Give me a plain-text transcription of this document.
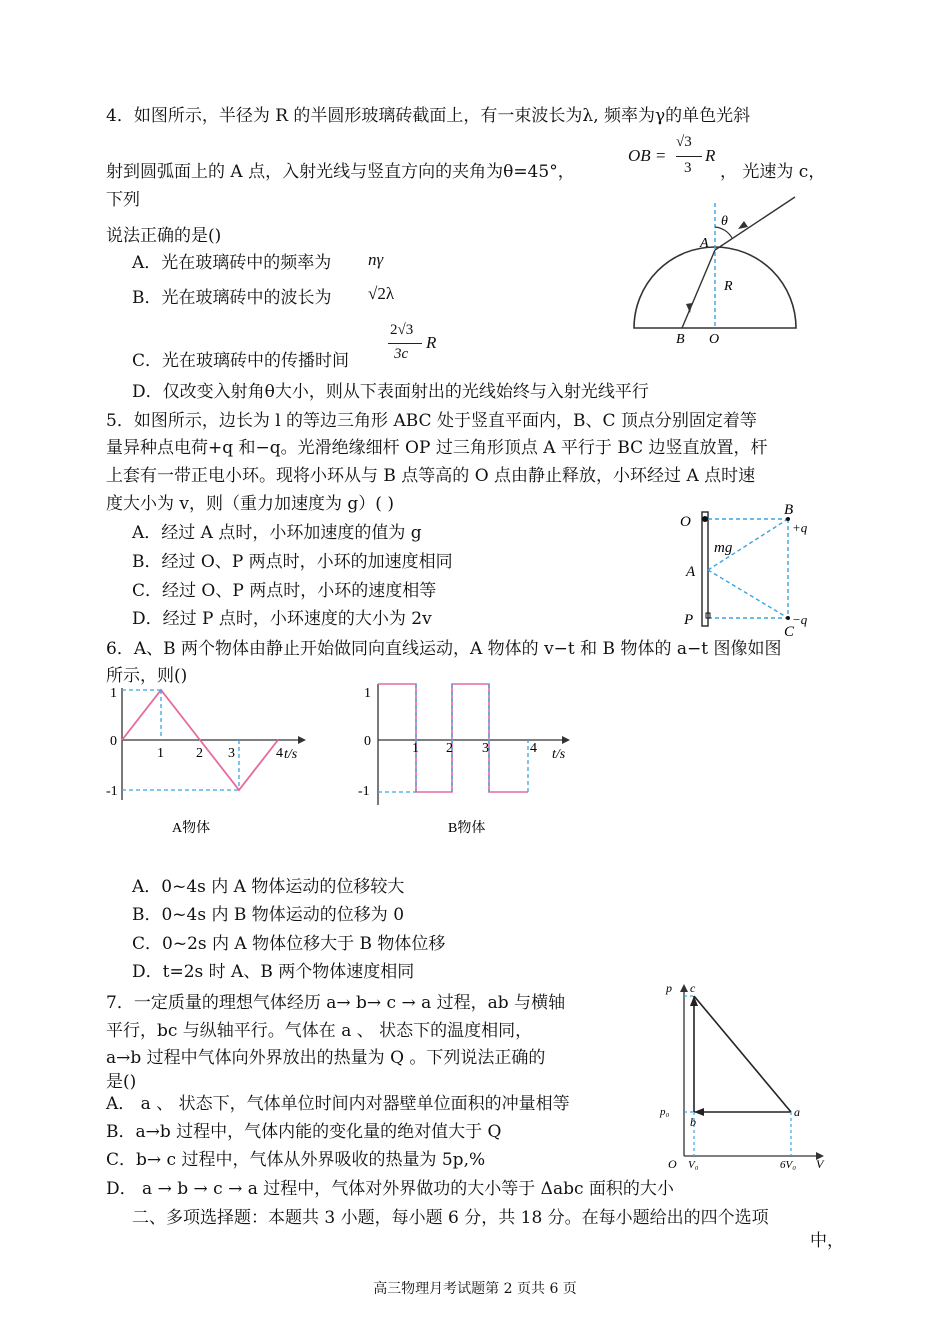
4．如图所示，半径为 R 的半圆形玻璃砖截面上，有一束波长为λ, 频率为γ的单色光斜
射到圆弧面上的 A 点，入射光线与竖直方向的夹角为θ=45°，
OB =
√3
3
R
， 光速为 c，
下列
说法正确的是()
A．光在玻璃砖中的频率为 nγ
B．光在玻璃砖中的波长为 √2λ
C．光在玻璃砖中的传播时间
2√3
3c
R
D．仅改变入射角θ大小，则从下表面射出的光线始终与入射光线平行
θ
A
R
B O
5．如图所示，边长为 l 的等边三角形 ABC 处于竖直平面内，B、C 顶点分别固定着等
量异种点电荷+q 和−q。光滑绝缘细杆 OP 过三角形顶点 A 平行于 BC 边竖直放置，杆
上套有一带正电小环。现将小环从与 B 点等高的 O 点由静止释放，小环经过 A 点时速
度大小为 v，则（重力加速度为 g）( )
A．经过 A 点时，小环加速度的值为 g
B．经过 O、P 两点时，小环的加速度相同
C．经过 O、P 两点时，小环的速度相等
D．经过 P 点时，小环速度的大小为 2v
O
B
+q
mg
A
P
C
−q
6．A、B 两个物体由静止开始做同向直线运动，A 物体的 v−t 和 B 物体的 a−t 图像如图
所示，则()
1
0
-1
1 2 3	4 t/s
A物体
1
0
-1
1 2 3	4 t/s
B物体
A．0~4s 内 A 物体运动的位移较大
B．0~4s 内 B 物体运动的位移为 0
C．0~2s 内 A 物体位移大于 B 物体位移
D．t=2s 时 A、B 两个物体速度相同
7．一定质量的理想气体经历 a→ b→ c → a 过程，ab 与横轴
平行，bc 与纵轴平行。气体在 a 、 状态下的温度相同，
a→b 过程中气体向外界放出的热量为 Q 。下列说法正确的
是()
A． a 、 状态下，气体单位时间内对器壁单位面积的冲量相等
B．a→b 过程中，气体内能的变化量的绝对值大于 Q
C．b→ c 过程中，气体从外界吸收的热量为 5p,%
D． a → b → c → a 过程中，气体对外界做功的大小等于 Δabc 面积的大小
p c
p₀
b
a
O V₀	6V₀ V
二、多项选择题：本题共 3 小题，每小题 6 分，共 18 分。在每小题给出的四个选项
中，
高三物理月考试题第 2 页共 6 页
